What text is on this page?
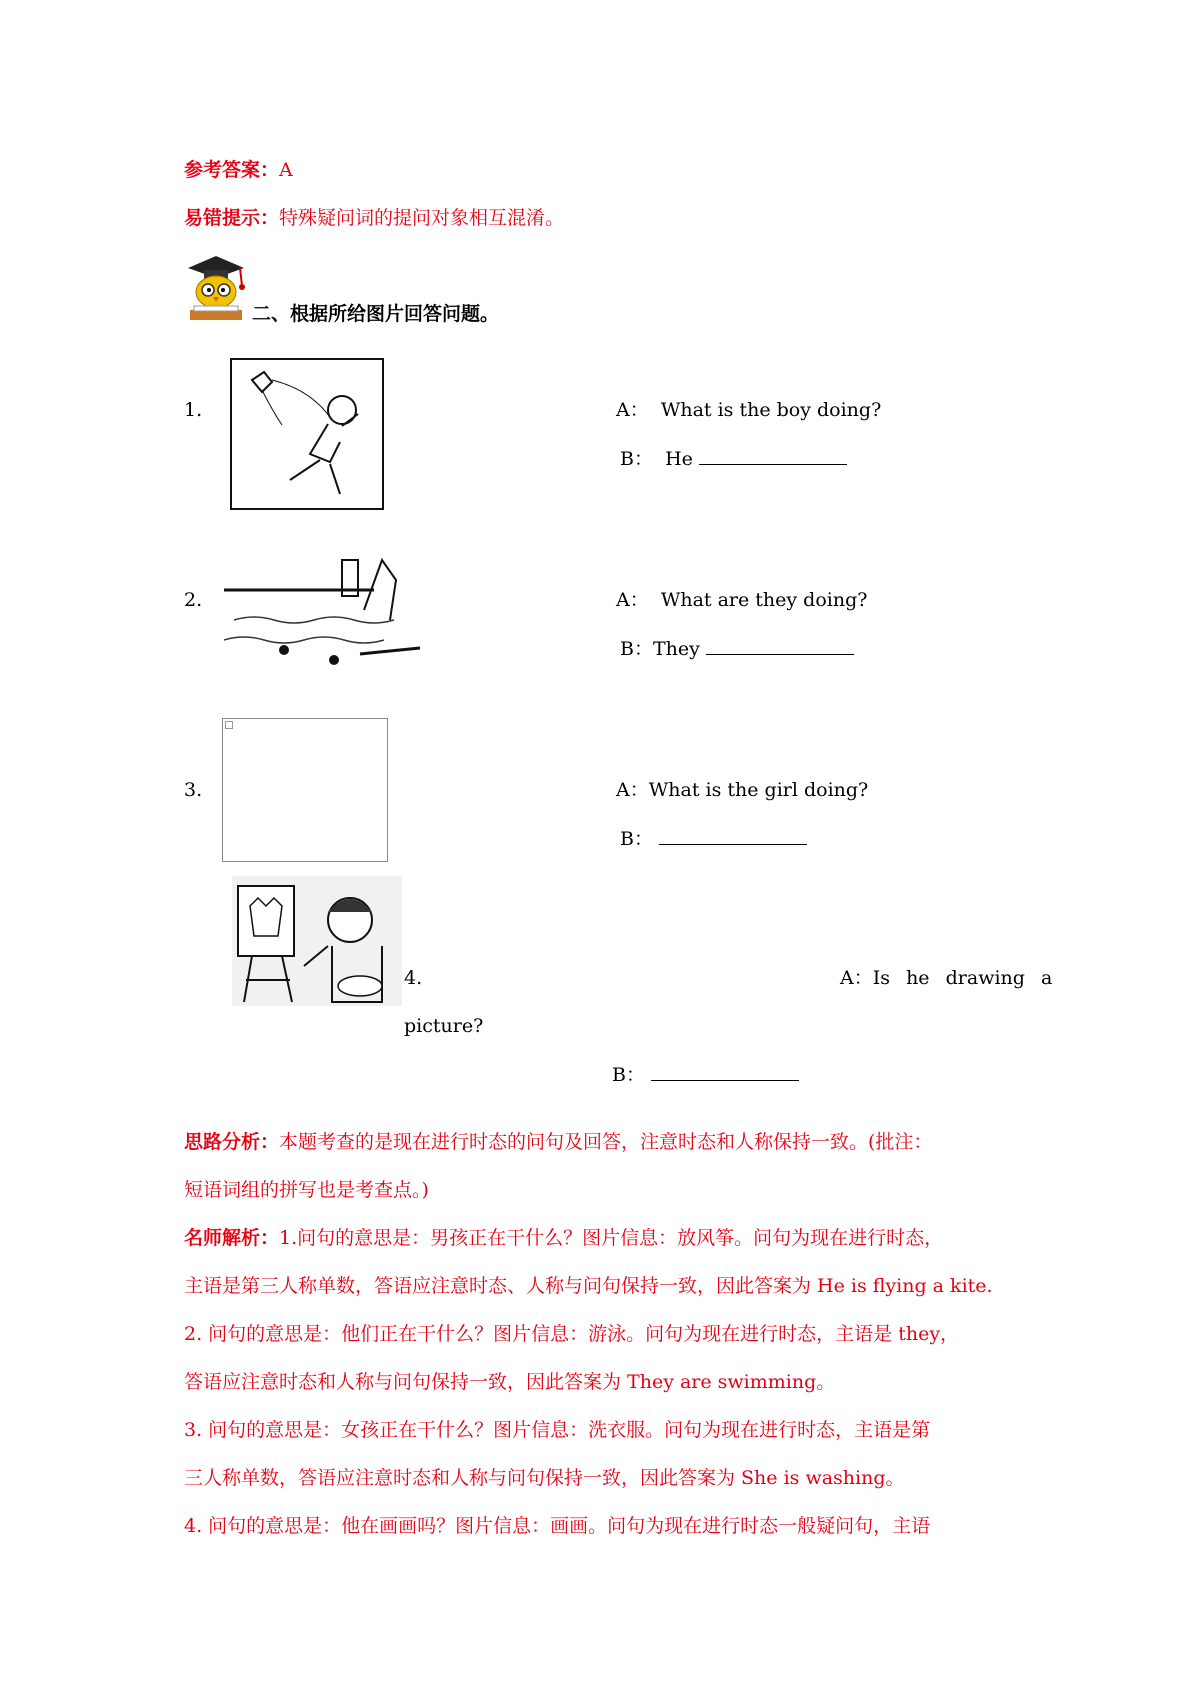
参考答案：A
易错提示：特殊疑问词的提问对象相互混淆。
二、根据所给图片回答问题。
1.	A： What is the boy doing?
B： He
2.	A： What are they doing?
B：They
3.	A：What is the girl doing?
B：
4.	A：Is  he  drawing  a
picture?
B：
思路分析：本题考查的是现在进行时态的问句及回答，注意时态和人称保持一致。(批注：
短语词组的拼写也是考查点。)
名师解析：1.问句的意思是：男孩正在干什么？图片信息：放风筝。问句为现在进行时态，
主语是第三人称单数，答语应注意时态、人称与问句保持一致，因此答案为 He is flying a kite.
2. 问句的意思是：他们正在干什么？图片信息：游泳。问句为现在进行时态，主语是 they，
答语应注意时态和人称与问句保持一致，因此答案为 They are swimming。
3. 问句的意思是：女孩正在干什么？图片信息：洗衣服。问句为现在进行时态，主语是第
三人称单数，答语应注意时态和人称与问句保持一致，因此答案为 She is washing。
4. 问句的意思是：他在画画吗？图片信息：画画。问句为现在进行时态一般疑问句，主语
